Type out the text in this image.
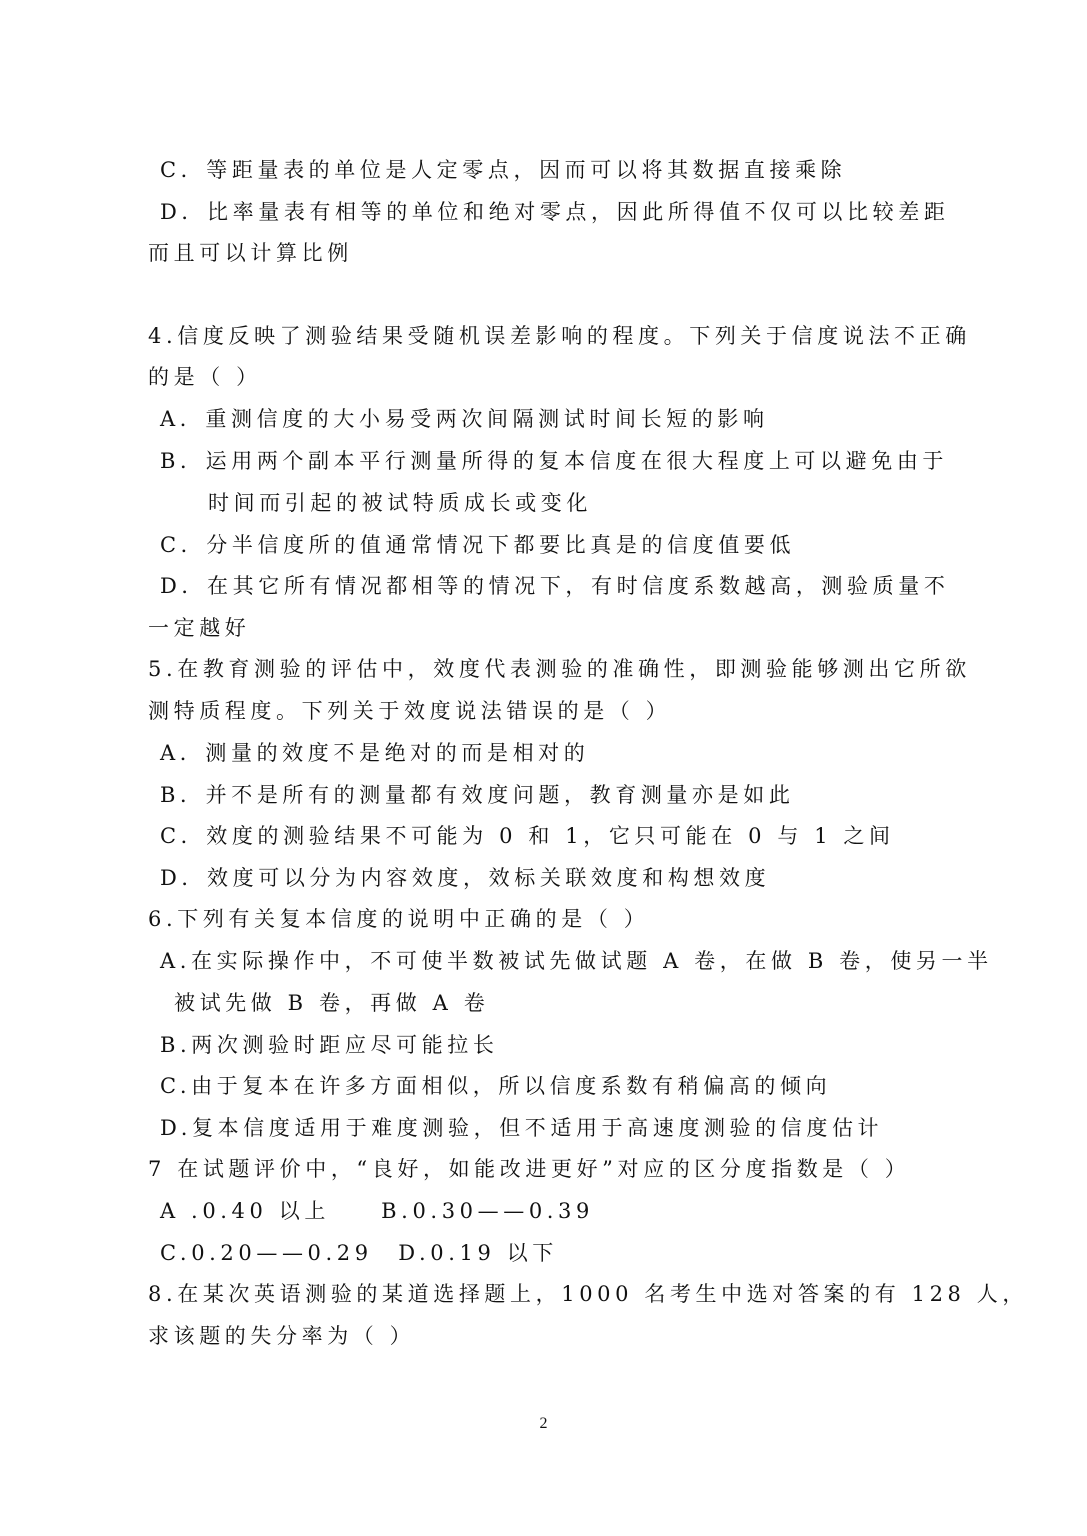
C．等距量表的单位是人定零点，因而可以将其数据直接乘除
D．比率量表有相等的单位和绝对零点，因此所得值不仅可以比较差距
而且可以计算比例
4.信度反映了测验结果受随机误差影响的程度。下列关于信度说法不正确
的是（ ）
A．重测信度的大小易受两次间隔测试时间长短的影响
B．运用两个副本平行测量所得的复本信度在很大程度上可以避免由于
时间而引起的被试特质成长或变化
C．分半信度所的值通常情况下都要比真是的信度值要低
D．在其它所有情况都相等的情况下，有时信度系数越高，测验质量不
一定越好
5.在教育测验的评估中，效度代表测验的准确性，即测验能够测出它所欲
测特质程度。下列关于效度说法错误的是（ ）
A．测量的效度不是绝对的而是相对的
B．并不是所有的测量都有效度问题，教育测量亦是如此
C．效度的测验结果不可能为 0 和 1，它只可能在 0 与 1 之间
D．效度可以分为内容效度，效标关联效度和构想效度
6.下列有关复本信度的说明中正确的是（ ）
A.在实际操作中，不可使半数被试先做试题 A 卷，在做 B 卷，使另一半
被试先做 B 卷，再做 A 卷
B.两次测验时距应尽可能拉长
C.由于复本在许多方面相似，所以信度系数有稍偏高的倾向
D.复本信度适用于难度测验，但不适用于高速度测验的信度估计
7 在试题评价中，“良好，如能改进更好”对应的区分度指数是（ ）
A .0.40 以上　　B.0.30——0.39
C.0.20——0.29　D.0.19 以下
8.在某次英语测验的某道选择题上，1000 名考生中选对答案的有 128 人，
求该题的失分率为（ ）
2
